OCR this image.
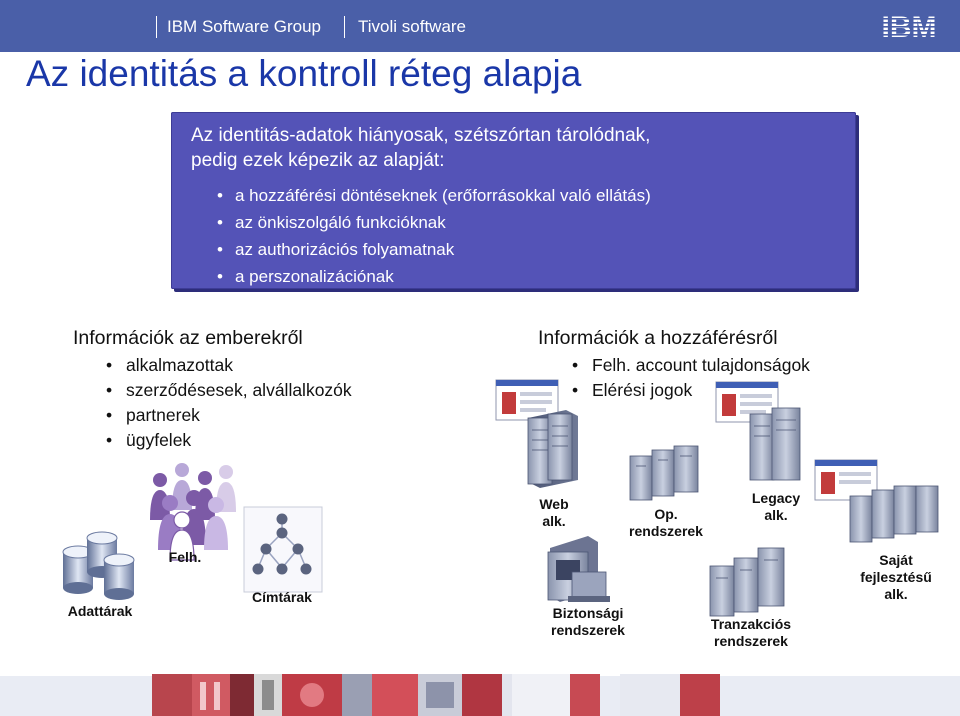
IBM Software Group Tivoli software
Az identitás a kontroll réteg alapja
Az identitás-adatok hiányosak, szétszórtan tárolódnak,
pedig ezek képezik az alapját:
• a hozzáférési döntéseknek (erőforrásokkal való ellátás)
• az önkiszolgáló funkcióknak
• az authorizációs folyamatnak
• a perszonalizációnak
Információk az emberekről
• alkalmazottak
• szerződésesek, alvállalkozók
• partnerek
• ügyfelek
Információk a hozzáférésről
• Felh. account tulajdonságok
• Elérési jogok
Adattárak
Felh.
Címtárak
Web
alk.	Op.
rendszerek
Legacy
alk.
Biztonsági
rendszerek	Tranzakciós
rendszerek
Saját
fejlesztésű
alk.
